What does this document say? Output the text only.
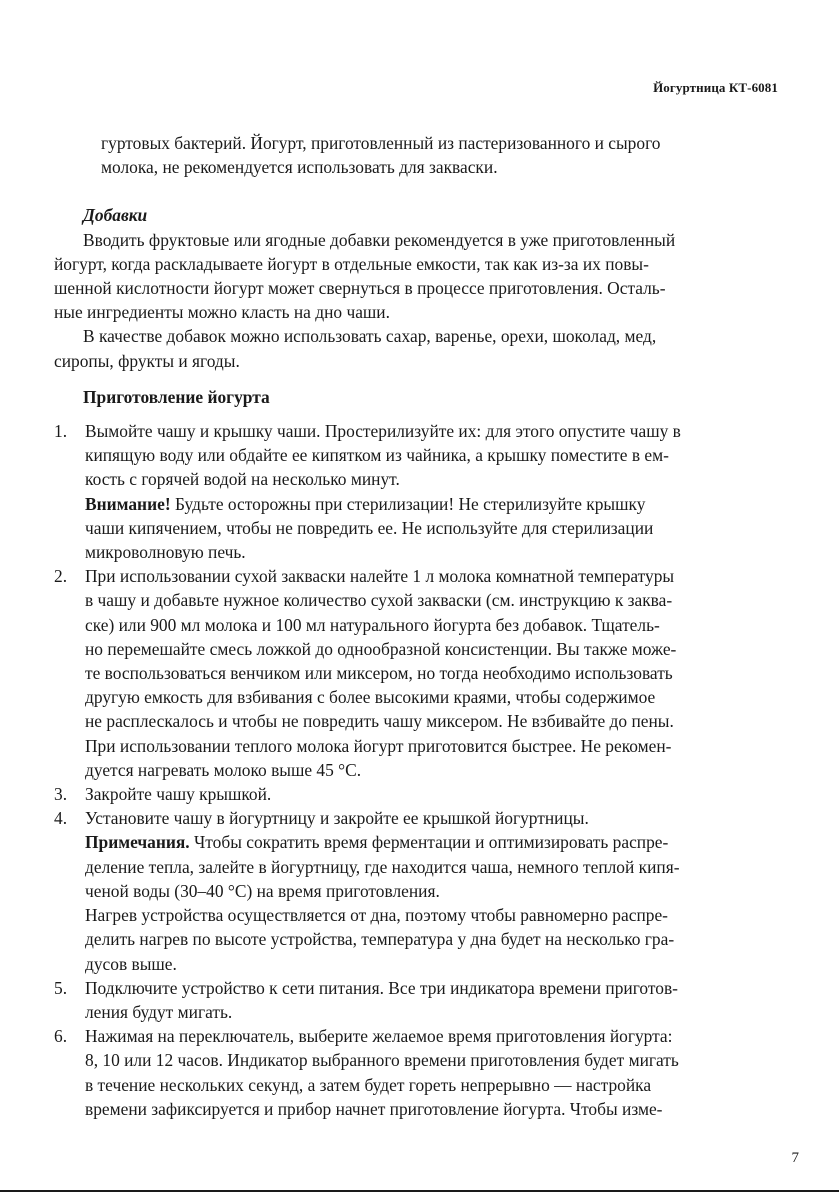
Йогуртница КТ-6081
гуртовых бактерий. Йогурт, приготовленный из пастеризованного и сырого
молока, не рекомендуется использовать для закваски.
Добавки
Вводить фруктовые или ягодные добавки рекомендуется в уже приготовленный
йогурт, когда раскладываете йогурт в отдельные емкости, так как из-за их повы-
шенной кислотности йогурт может свернуться в процессе приготовления. Осталь-
ные ингредиенты можно класть на дно чаши.
В качестве добавок можно использовать сахар, варенье, орехи, шоколад, мед,
сиропы, фрукты и ягоды.
Приготовление йогурта
1. Вымойте чашу и крышку чаши. Простерилизуйте их: для этого опустите чашу в
кипящую воду или обдайте ее кипятком из чайника, а крышку поместите в ем-
кость с горячей водой на несколько минут.
Внимание! Будьте осторожны при стерилизации! Не стерилизуйте крышку
чаши кипячением, чтобы не повредить ее. Не используйте для стерилизации
микроволновую печь.
2. При использовании сухой закваски налейте 1 л молока комнатной температуры
в чашу и добавьте нужное количество сухой закваски (см. инструкцию к заква-
ске) или 900 мл молока и 100 мл натурального йогурта без добавок. Тщатель-
но перемешайте смесь ложкой до однообразной консистенции. Вы также може-
те воспользоваться венчиком или миксером, но тогда необходимо использовать
другую емкость для взбивания с более высокими краями, чтобы содержимое
не расплескалось и чтобы не повредить чашу миксером. Не взбивайте до пены.
При использовании теплого молока йогурт приготовится быстрее. Не рекомен-
дуется нагревать молоко выше 45 °С.
3. Закройте чашу крышкой.
4. Установите чашу в йогуртницу и закройте ее крышкой йогуртницы.
Примечания. Чтобы сократить время ферментации и оптимизировать распре-
деление тепла, залейте в йогуртницу, где находится чаша, немного теплой кипя-
ченой воды (30–40 °С) на время приготовления.
Нагрев устройства осуществляется от дна, поэтому чтобы равномерно распре-
делить нагрев по высоте устройства, температура у дна будет на несколько гра-
дусов выше.
5. Подключите устройство к сети питания. Все три индикатора времени приготов-
ления будут мигать.
6. Нажимая на переключатель, выберите желаемое время приготовления йогурта:
8, 10 или 12 часов. Индикатор выбранного времени приготовления будет мигать
в течение нескольких секунд, а затем будет гореть непрерывно — настройка
времени зафиксируется и прибор начнет приготовление йогурта. Чтобы изме-
7
